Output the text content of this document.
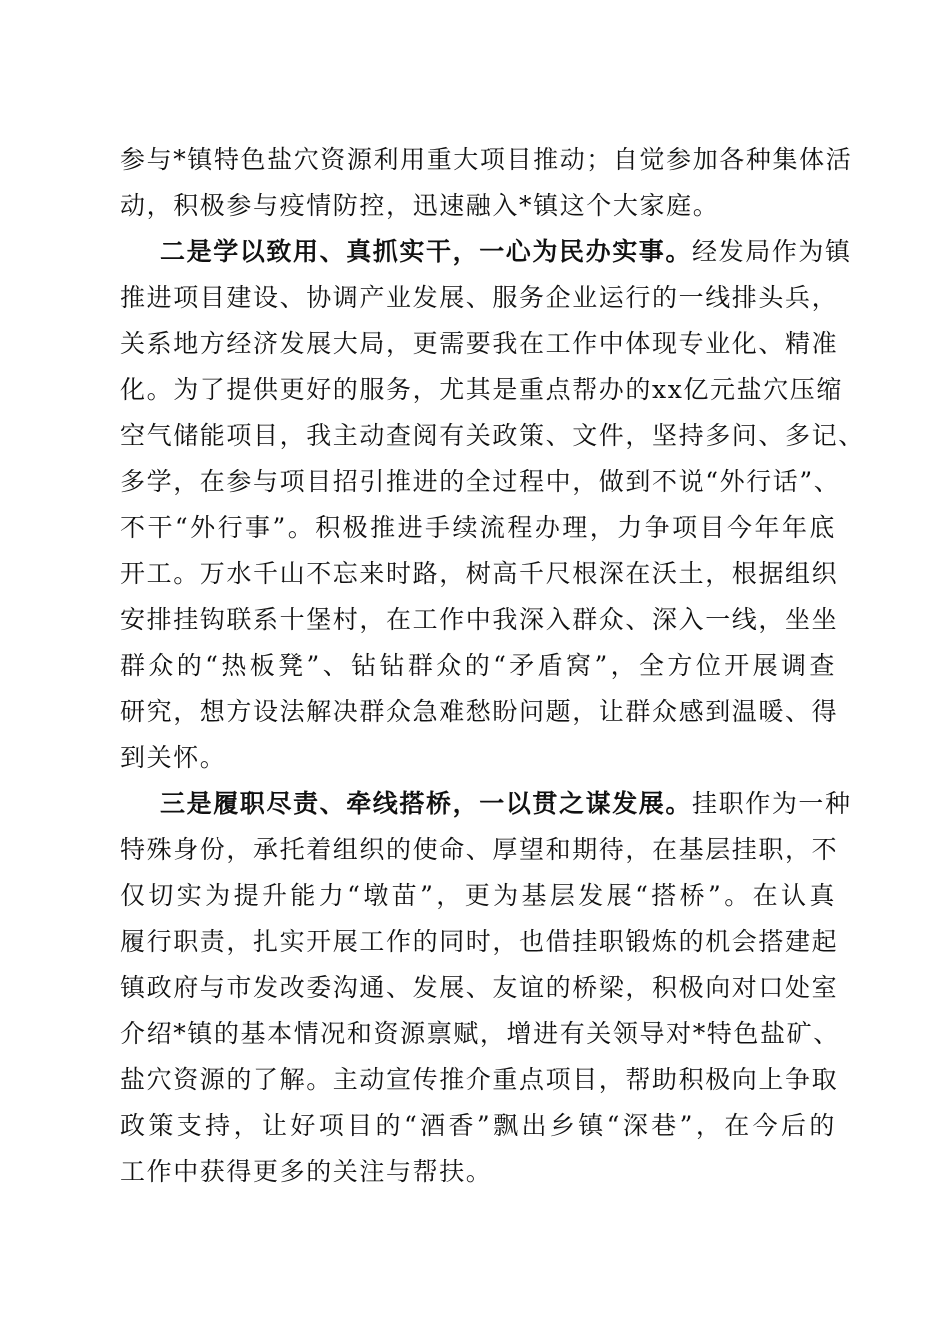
参与*镇特色盐穴资源利用重大项目推动；自觉参加各种集体活
动，积极参与疫情防控，迅速融入*镇这个大家庭。
二是学以致用、真抓实干，一心为民办实事。经发局作为镇
推进项目建设、协调产业发展、服务企业运行的一线排头兵，
关系地方经济发展大局，更需要我在工作中体现专业化、精准
化。为了提供更好的服务，尤其是重点帮办的xx亿元盐穴压缩
空气储能项目，我主动查阅有关政策、文件，坚持多问、多记、
多学，在参与项目招引推进的全过程中，做到不说“外行话”、
不干“外行事”。积极推进手续流程办理，力争项目今年年底
开工。万水千山不忘来时路，树高千尺根深在沃土，根据组织
安排挂钩联系十堡村，在工作中我深入群众、深入一线，坐坐
群众的“热板凳”、钻钻群众的“矛盾窝”，全方位开展调查
研究，想方设法解决群众急难愁盼问题，让群众感到温暖、得
到关怀。
三是履职尽责、牵线搭桥，一以贯之谋发展。挂职作为一种
特殊身份，承托着组织的使命、厚望和期待，在基层挂职，不
仅切实为提升能力“墩苗”，更为基层发展“搭桥”。在认真
履行职责，扎实开展工作的同时，也借挂职锻炼的机会搭建起
镇政府与市发改委沟通、发展、友谊的桥梁，积极向对口处室
介绍*镇的基本情况和资源禀赋，增进有关领导对*特色盐矿、
盐穴资源的了解。主动宣传推介重点项目，帮助积极向上争取
政策支持，让好项目的“酒香”飘出乡镇“深巷”，在今后的
工作中获得更多的关注与帮扶。
